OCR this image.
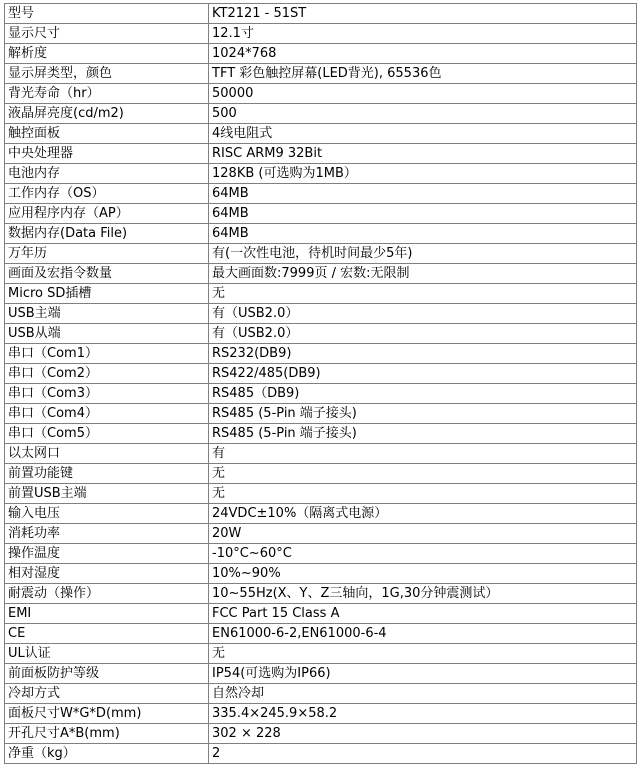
型号	KT2121 - 51ST
显示尺寸	12.1寸
解析度	1024*768
显示屏类型，颜色	TFT 彩色触控屏幕(LED背光), 65536色
背光寿命（hr）	50000
液晶屏亮度(cd/m2)	500
触控面板	4线电阻式
中央处理器	RISC ARM9 32Bit
电池内存	128KB (可选购为1MB）
工作内存（OS）	64MB
应用程序内存（AP）	64MB
数据内存(Data File)	64MB
万年历	有(一次性电池，待机时间最少5年)
画面及宏指令数量	最大画面数:7999页 / 宏数:无限制
Micro SD插槽	无
USB主端	有（USB2.0）
USB从端	有（USB2.0）
串口（Com1）	RS232(DB9)
串口（Com2）	RS422/485(DB9)
串口（Com3）	RS485（DB9)
串口（Com4）	RS485 (5-Pin 端子接头)
串口（Com5）	RS485 (5-Pin 端子接头)
以太网口	有
前置功能键	无
前置USB主端	无
输入电压	24VDC±10%（隔离式电源）
消耗功率	20W
操作温度	-10°C~60°C
相对湿度	10%~90%
耐震动（操作）	10~55Hz(X、Y、Z三轴向，1G,30分钟震测试）
EMI	FCC Part 15 Class A
CE	EN61000-6-2,EN61000-6-4
UL认证	无
前面板防护等级	IP54(可选购为IP66)
冷却方式	自然冷却
面板尺寸W*G*D(mm)	335.4×245.9×58.2
开孔尺寸A*B(mm)	302 × 228
净重（kg）	2
